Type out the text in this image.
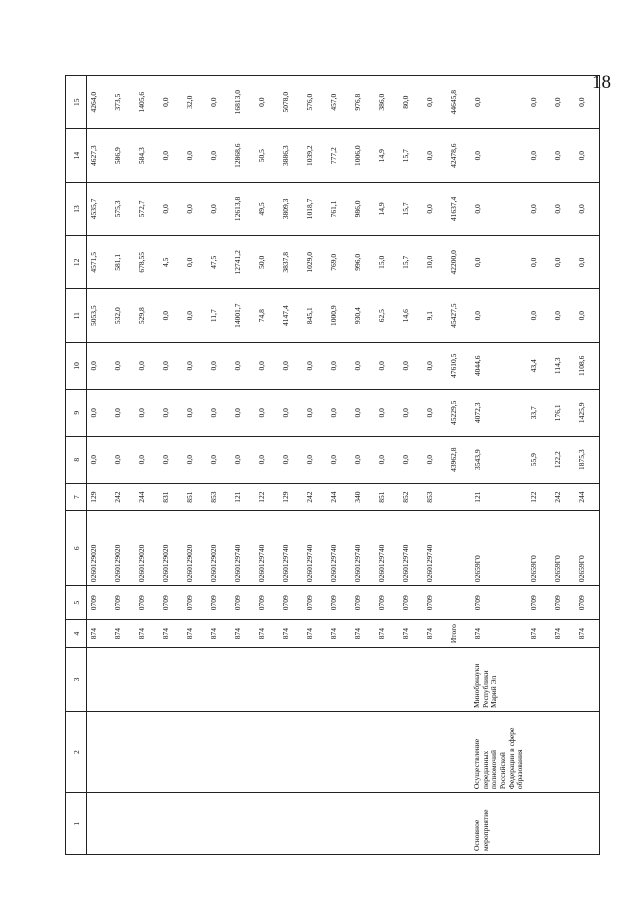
18
1	2	3	4	5	6	7	8	9	10	11	12	13	14	15
			874	0709	0260129020	129	0,0	0,0	0,0	5053,5	4571,5	4535,7	4627,3	4264,0
			874	0709	0260129020	242	0,0	0,0	0,0	532,0	581,1	575,3	586,9	373,5
			874	0709	0260129020	244	0,0	0,0	0,0	529,8	678,55	572,7	584,3	1405,6
			874	0709	0260129020	831	0,0	0,0	0,0	0,0	4,5	0,0	0,0	0,0
			874	0709	0260129020	851	0,0	0,0	0,0	0,0	0,0	0,0	0,0	32,0
			874	0709	0260129020	853	0,0	0,0	0,0	11,7	47,5	0,0	0,0	0,0
			874	0709	0260129740	121	0,0	0,0	0,0	14001,7	12741,2	12613,8	12868,6	16813,0
			874	0709	0260129740	122	0,0	0,0	0,0	74,8	50,0	49,5	50,5	0,0
			874	0709	0260129740	129	0,0	0,0	0,0	4147,4	3837,8	3809,3	3886,3	5078,0
			874	0709	0260129740	242	0,0	0,0	0,0	845,1	1029,0	1018,7	1039,2	576,0
			874	0709	0260129740	244	0,0	0,0	0,0	1000,9	769,0	761,1	777,2	457,0
			874	0709	0260129740	340	0,0	0,0	0,0	930,4	996,0	986,0	1006,0	976,8
			874	0709	0260129740	851	0,0	0,0	0,0	62,5	15,0	14,9	14,9	386,0
			874	0709	0260129740	852	0,0	0,0	0,0	14,6	15,7	15,7	15,7	80,0
			874	0709	0260129740	853	0,0	0,0	0,0	9,1	10,0	0,0	0,0	0,0
			Итого				43962,8	45229,5	47610,5	45427,5	42200,0	41637,4	42478,6	44645,8
Основное мероприятие	Осуществление переданных полномочий Российской Федерации в сфере образования	Минобрнауки Республики Марий Эл	874	0709	02659Г0	121	3543,9	4072,3	4044,6	0,0	0,0	0,0	0,0	0,0
			874	0709	02659Г0	122	55,9	33,7	43,4	0,0	0,0	0,0	0,0	0,0
			874	0709	02659Г0	242	122,2	176,1	114,3	0,0	0,0	0,0	0,0	0,0
			874	0709	02659Г0	244	1875,3	1425,9	1108,6	0,0	0,0	0,0	0,0	0,0
